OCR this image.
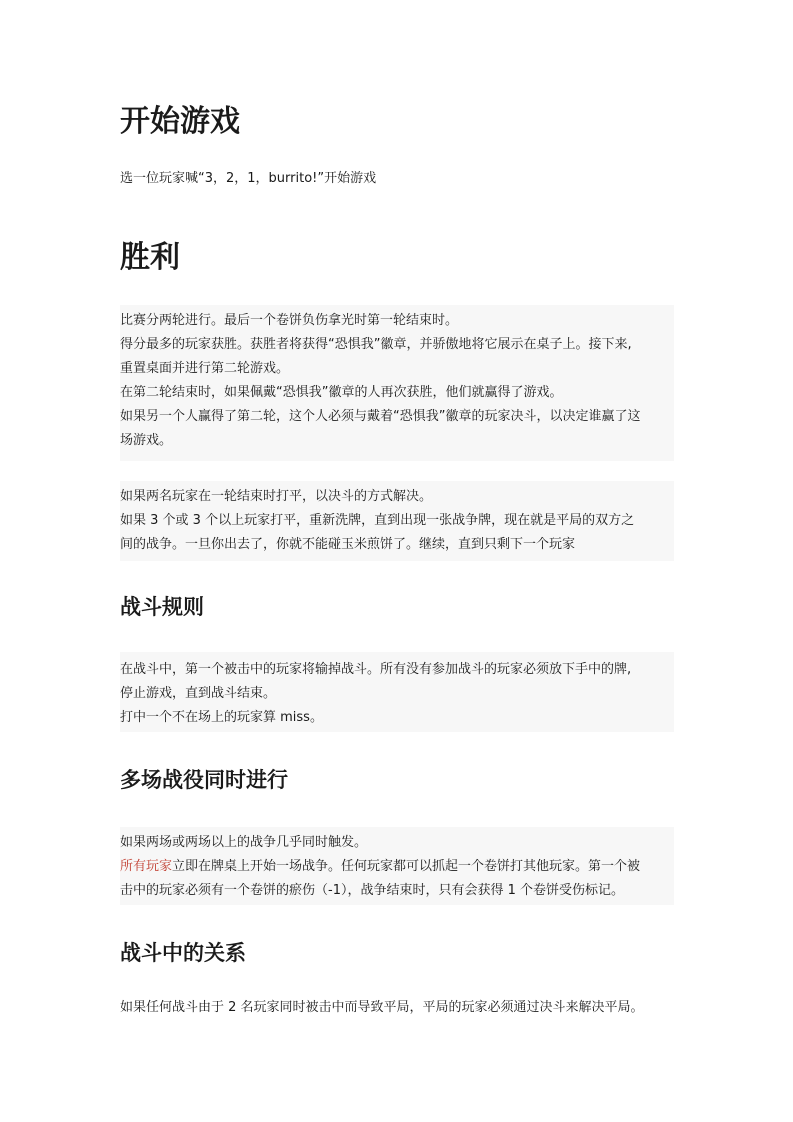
开始游戏

选一位玩家喊“3，2，1，burrito!”开始游戏

胜利
比赛分两轮进行。最后一个卷饼负伤拿光时第一轮结束时。
得分最多的玩家获胜。获胜者将获得“恐惧我”徽章，并骄傲地将它展示在桌子上。接下来,
重置桌面并进行第二轮游戏。
在第二轮结束时，如果佩戴“恐惧我”徽章的人再次获胜，他们就赢得了游戏。
如果另一个人赢得了第二轮，这个人必须与戴着“恐惧我”徽章的玩家决斗，以决定谁赢了这
场游戏。
如果两名玩家在一轮结束时打平，以决斗的方式解决。
如果 3 个或 3 个以上玩家打平，重新洗牌，直到出现一张战争牌，现在就是平局的双方之
间的战争。一旦你出去了，你就不能碰玉米煎饼了。继续，直到只剩下一个玩家
战斗规则
在战斗中，第一个被击中的玩家将输掉战斗。所有没有参加战斗的玩家必须放下手中的牌,
停止游戏，直到战斗结束。
打中一个不在场上的玩家算 miss。
多场战役同时进行
如果两场或两场以上的战争几乎同时触发。
所有玩家立即在牌桌上开始一场战争。任何玩家都可以抓起一个卷饼打其他玩家。第一个被
击中的玩家必须有一个卷饼的瘀伤（-1），战争结束时，只有会获得 1 个卷饼受伤标记。
战斗中的关系

如果任何战斗由于 2 名玩家同时被击中而导致平局，平局的玩家必须通过决斗来解决平局。
